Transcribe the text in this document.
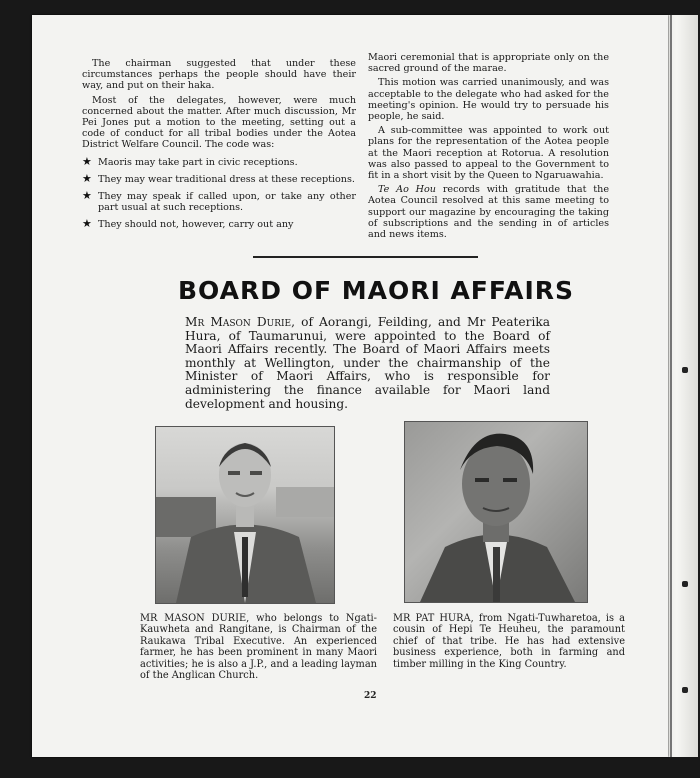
The chairman suggested that under these circumstances perhaps the people should have their way, and put on their haka.

Most of the delegates, however, were much concerned about the matter. After much discussion, Mr Pei Jones put a motion to the meeting, setting out a code of conduct for all tribal bodies under the Aotea District Welfare Council. The code was:

★ Maoris may take part in civic receptions.
★ They may wear traditional dress at these receptions.
★ They may speak if called upon, or take any other part usual at such receptions.
★ They should not, however, carry out any

Maori ceremonial that is appropriate only on the sacred ground of the marae.

This motion was carried unanimously, and was acceptable to the delegate who had asked for the meeting's opinion. He would try to persuade his people, he said.

A sub-committee was appointed to work out plans for the representation of the Aotea people at the Maori reception at Rotorua. A resolution was also passed to appeal to the Government to fit in a short visit by the Queen to Ngaruawahia.

Te Ao Hou records with gratitude that the Aotea Council resolved at this same meeting to support our magazine by encouraging the taking of subscriptions and the sending in of articles and news items.

BOARD OF MAORI AFFAIRS
Mr Mason Durie, of Aorangi, Feilding, and Mr Peaterika Hura, of Taumarunui, were appointed to the Board of Maori Affairs recently. The Board of Maori Affairs meets monthly at Wellington, under the chairmanship of the Minister of Maori Affairs, who is responsible for administering the finance available for Maori land development and housing.
MR MASON DURIE, who belongs to Ngati-Kauwheta and Rangitane, is Chairman of the Raukawa Tribal Executive. An experienced farmer, he has been prominent in many Maori activities; he is also a J.P., and a leading layman of the Anglican Church.
MR PAT HURA, from Ngati-Tuwharetoa, is a cousin of Hepi Te Heuheu, the paramount chief of that tribe. He has had extensive business experience, both in farming and timber milling in the King Country.
22
